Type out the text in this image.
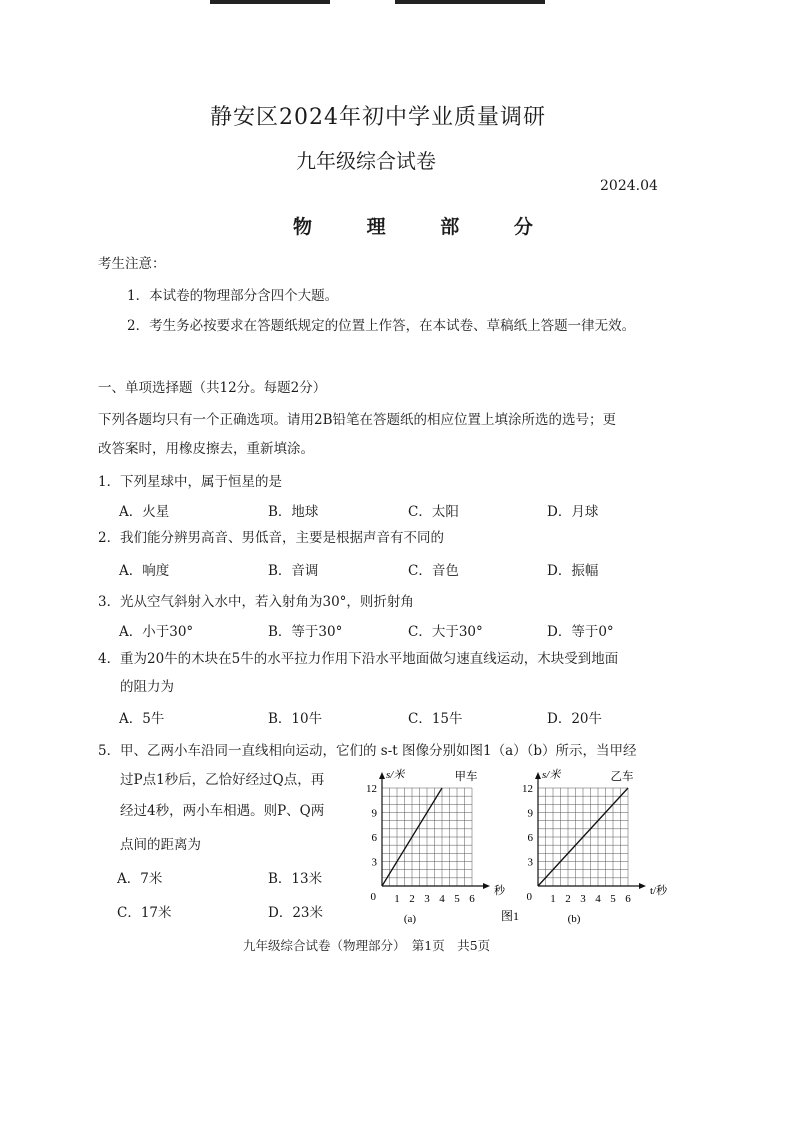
静安区2024年初中学业质量调研
九年级综合试卷
2024.04
物 理 部 分
考生注意：
1．本试卷的物理部分含四个大题。
2．考生务必按要求在答题纸规定的位置上作答，在本试卷、草稿纸上答题一律无效。
一、单项选择题（共12分。每题2分）
下列各题均只有一个正确选项。请用2B铅笔在答题纸的相应位置上填涂所选的选号；更
改答案时，用橡皮擦去，重新填涂。
1． 下列星球中，属于恒星的是
A．火星	B．地球	C．太阳	D．月球
2． 我们能分辨男高音、男低音，主要是根据声音有不同的
A．响度	B．音调	C．音色	D．振幅
3． 光从空气斜射入水中，若入射角为30°，则折射角
A．小于30°	B．等于30°	C．大于30°	D．等于0°
4． 重为20牛的木块在5牛的水平拉力作用下沿水平地面做匀速直线运动，木块受到地面
的阻力为
A．5牛	B．10牛	C．15牛	D．20牛
5． 甲、乙两小车沿同一直线相向运动，它们的 s-t 图像分别如图1（a）（b）所示，当甲经
过P点1秒后，乙恰好经过Q点，再
经过4秒，两小车相遇。则P、Q两
点间的距离为
A．7米	B．13米
C．17米	D．23米
3
6
9
12
1 2 3 4 5 6
0
s/米
秒
甲车
(a)
3
6
9
12
1 2 3 4 5 6
0
s/米
t/秒
乙车
(b)
图1
九年级综合试卷（物理部分）　第1页　共5页
